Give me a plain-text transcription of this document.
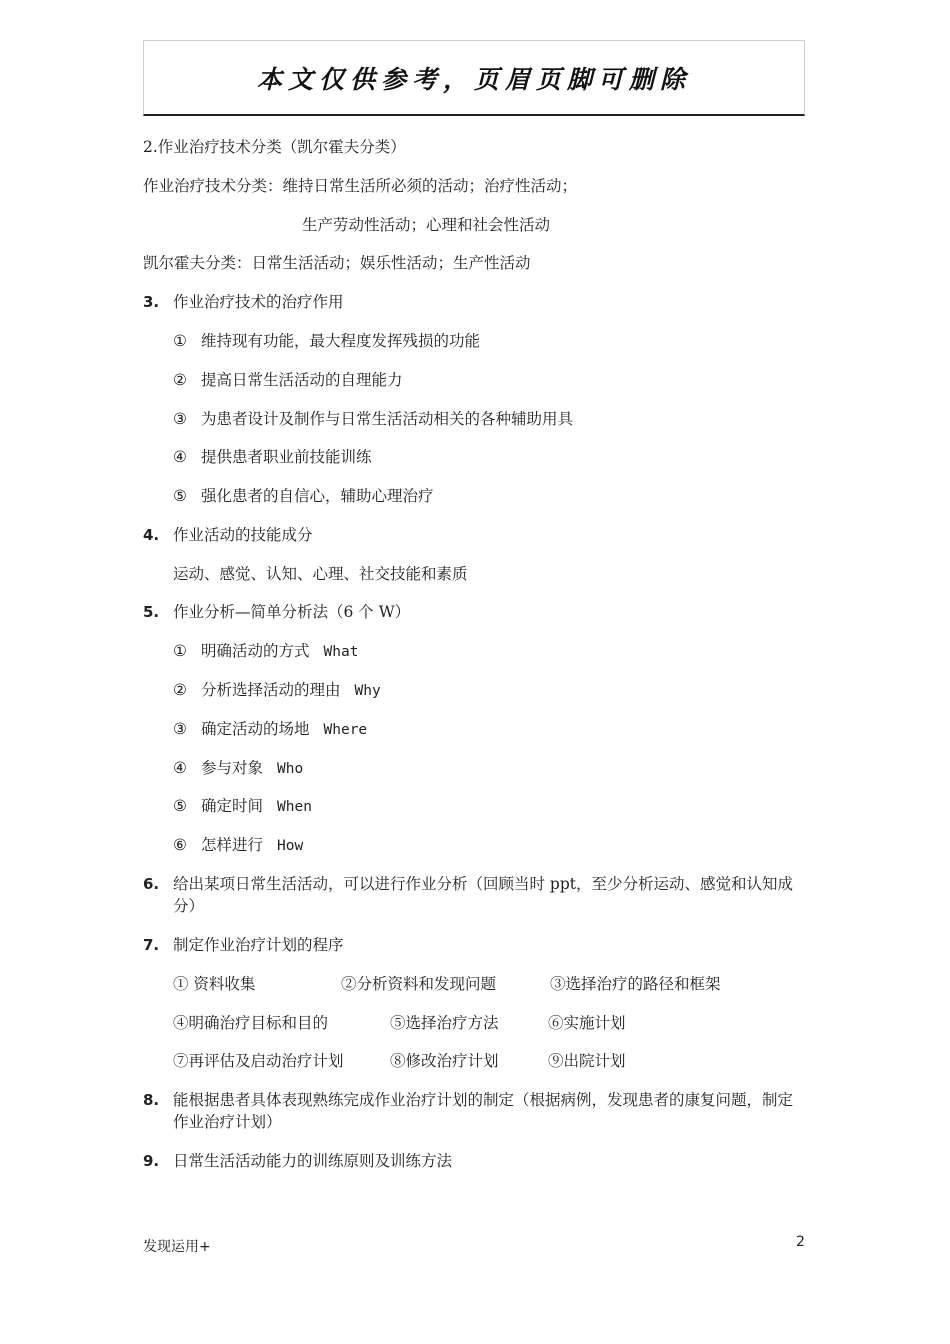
本文仅供参考，页眉页脚可删除
2.作业治疗技术分类（凯尔霍夫分类）
作业治疗技术分类：维持日常生活所必须的活动；治疗性活动；
生产劳动性活动；心理和社会性活动
凯尔霍夫分类：日常生活活动；娱乐性活动；生产性活动
3. 作业治疗技术的治疗作用
① 维持现有功能，最大程度发挥残损的功能
② 提高日常生活活动的自理能力
③ 为患者设计及制作与日常生活活动相关的各种辅助用具
④ 提供患者职业前技能训练
⑤ 强化患者的自信心，辅助心理治疗
4. 作业活动的技能成分
运动、感觉、认知、心理、社交技能和素质
5. 作业分析—简单分析法（6 个 W）
① 明确活动的方式 What
② 分析选择活动的理由 Why
③ 确定活动的场地 Where
④ 参与对象 Who
⑤ 确定时间 When
⑥ 怎样进行 How
6. 给出某项日常生活活动，可以进行作业分析（回顾当时 ppt，至少分析运动、感觉和认知成分）
7. 制定作业治疗计划的程序
① 资料收集	②分析资料和发现问题	③选择治疗的路径和框架
④明确治疗目标和目的	⑤选择治疗方法	⑥实施计划
⑦再评估及启动治疗计划	⑧修改治疗计划	⑨出院计划
8. 能根据患者具体表现熟练完成作业治疗计划的制定（根据病例，发现患者的康复问题，制定作业治疗计划）
9. 日常生活活动能力的训练原则及训练方法
发现运用+	2
